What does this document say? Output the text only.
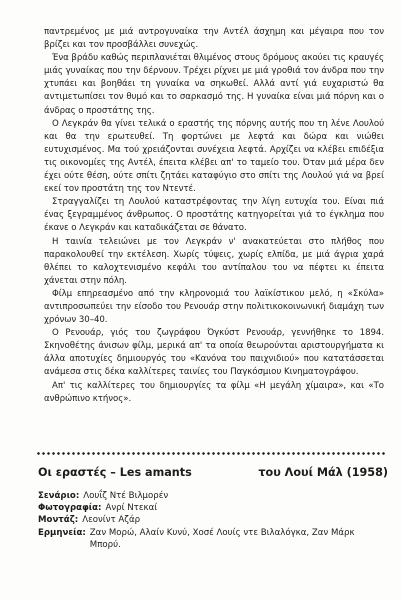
παντρεμένος με μιά αντρογυναίκα την Αντέλ άσχημη και μέγαιρα που τον βρίζει και τον προσβάλλει συνεχώς.

Ένα βράδυ καθώς περιπλανιέται θλιμένος στους δρόμους ακούει τις κραυγές μιάς γυναίκας που την δέρνουν. Τρέχει ρίχνει με μιά γροθιά τον άνδρα που την χτυπάει και βοηθάει τη γυναίκα να σηκωθεί. Αλλά αντί γιά ευχαριστώ θα αντιμετωπίσει τον θυμό και το σαρκασμό της. Η γυναίκα είναι μιά πόρνη και ο άνδρας ο προστάτης της.

Ο Λεγκράν θα γίνει τελικά ο εραστής της πόρνης αυτής που τη λένε Λουλού και θα την ερωτευθεί. Τη φορτώνει με λεφτά και δώρα και νιώθει ευτυχισμένος. Μα τού χρειάζονται συνέχεια λεφτά. Αρχίζει να κλέβει επιδέξια τις οικονομίες της Αντέλ, έπειτα κλέβει απ' το ταμείο του. Όταν μιά μέρα δεν έχει ούτε θέση, ούτε σπίτι ζητάει καταφύγιο στο σπίτι της Λουλού γιά να βρεί εκεί τον προστάτη της τον Ντεντέ.

Στραγγαλίζει τη Λουλού καταστρέφοντας την λίγη ευτυχία του. Είναι πιά ένας ξεγραμμένος άνθρωπος. Ο προστάτης κατηγορείται γιά το έγκλημα που έκανε ο Λεγκράν και καταδικάζεται σε θάνατο.

Η ταινία τελειώνει με τον Λεγκράν ν' ανακατεύεται στο πλήθος που παρακολουθεί την εκτέλεση. Χωρίς τύψεις, χωρίς ελπίδα, με μιά άγρια χαρά θλέπει το καλοχτενισμένο κεφάλι του αντίπαλου του να πέφτει κι έπειτα χάνεται στην πόλη.

Φίλμ επηρεασμένο από την κληρονομιά του λαϊκίστικου μελό, η «Σκύλα» αντιπροσωπεύει την είσοδο του Ρενουάρ στην πολιτικοκοινωνική διαμάχη των χρόνων 30–40.

Ο Ρενουάρ, γιός του ζωγράφου Όγκύστ Ρενουάρ, γεννήθηκε το 1894. Σκηνοθέτης άνισων φίλμ, μερικά απ' τα οποία θεωρούνται αριστουργήματα κι άλλα αποτυχίες δημιουργός του «Κανόνα του παιχνιδιού» που κατατάσσεται ανάμεσα στις δέκα καλλίτερες ταινίες του Παγκόσμιου Κινηματογράφου.

Απ' τις καλλίτερες του δημιουργίες τα φίλμ «Η μεγάλη χίμαιρα», και «Το ανθρώπινο κτήνος».

Οι εραστές – Les amants	του Λουί Μάλ (1958)
Σενάριο: Λουΐζ Ντέ Βιλμορέν
Φωτογραφία: Ανρί Ντεκαί
Μοντάζ: Λεονίντ Αζάρ
Ερμηνεία: Ζαν Μορώ, Αλαίν Κυνύ, Χοσέ Λουίς ντε Βιλαλόγκα, Ζαν Μάρκ Μπορύ.
